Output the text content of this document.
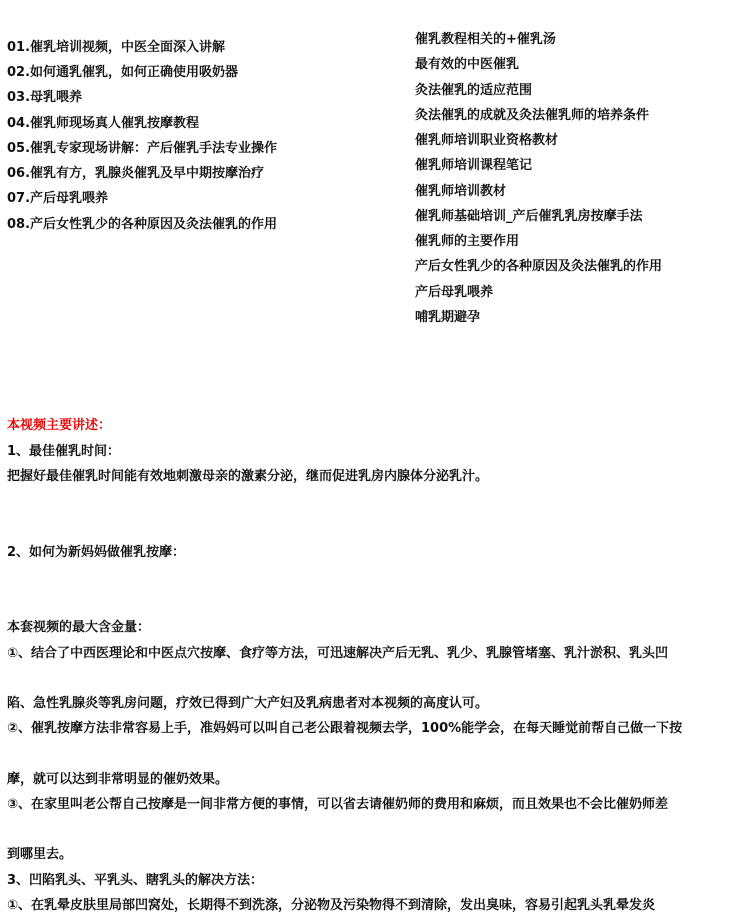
01.催乳培训视频，中医全面深入讲解
02.如何通乳催乳，如何正确使用吸奶器
03.母乳喂养
04.催乳师现场真人催乳按摩教程
05.催乳专家现场讲解：产后催乳手法专业操作
06.催乳有方，乳腺炎催乳及早中期按摩治疗
07.产后母乳喂养
08.产后女性乳少的各种原因及灸法催乳的作用
催乳教程相关的+催乳汤
最有效的中医催乳
灸法催乳的适应范围
灸法催乳的成就及灸法催乳师的培养条件
催乳师培训职业资格教材
催乳师培训课程笔记
催乳师培训教材
催乳师基础培训_产后催乳乳房按摩手法
催乳师的主要作用
产后女性乳少的各种原因及灸法催乳的作用
产后母乳喂养
哺乳期避孕
本视频主要讲述：
1、最佳催乳时间：
把握好最佳催乳时间能有效地刺激母亲的激素分泌，继而促进乳房内腺体分泌乳汁。
2、如何为新妈妈做催乳按摩：
本套视频的最大含金量：
①、结合了中西医理论和中医点穴按摩、食疗等方法，可迅速解决产后无乳、乳少、乳腺管堵塞、乳汁淤积、乳头凹
陷、急性乳腺炎等乳房问题，疗效已得到广大产妇及乳病患者对本视频的高度认可。
②、催乳按摩方法非常容易上手，准妈妈可以叫自己老公跟着视频去学，100%能学会，在每天睡觉前帮自己做一下按
摩，就可以达到非常明显的催奶效果。
③、在家里叫老公帮自己按摩是一间非常方便的事情，可以省去请催奶师的费用和麻烦，而且效果也不会比催奶师差
到哪里去。
3、凹陷乳头、平乳头、瞎乳头的解决方法：
①、在乳晕皮肤里局部凹窝处，长期得不到洗涤，分泌物及污染物得不到清除，发出臭味，容易引起乳头乳晕发炎
